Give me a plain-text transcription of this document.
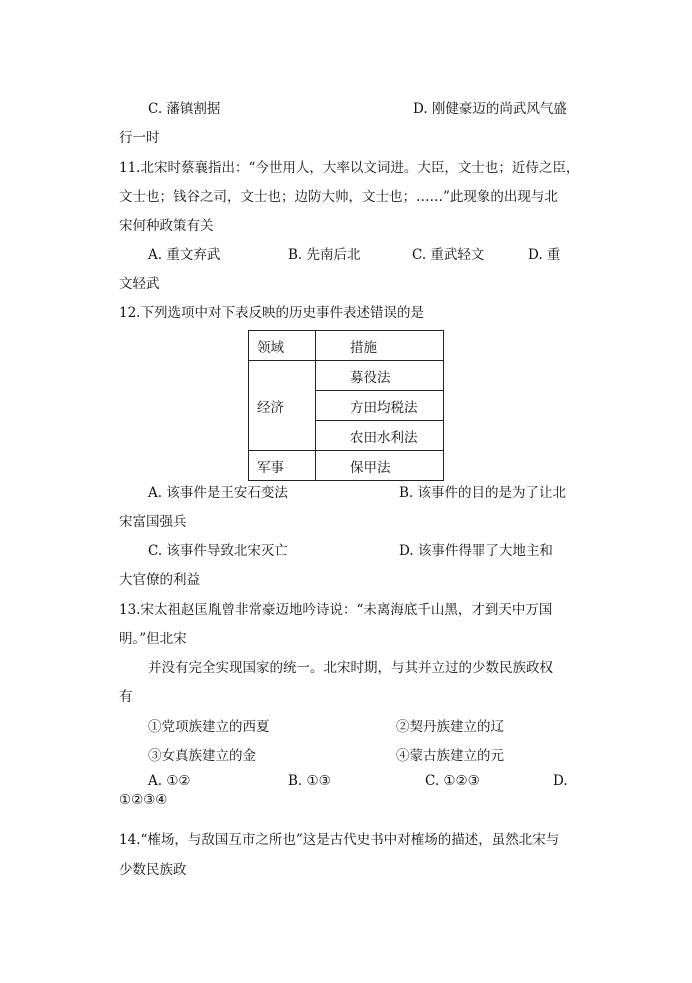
C. 藩镇割据	D. 刚健豪迈的尚武风气盛
行一时
11.北宋时蔡襄指出：“今世用人，大率以文词进。大臣，文士也；近侍之臣，
文士也；钱谷之司，文士也；边防大帅，文士也；……”此现象的出现与北
宋何种政策有关
A. 重文弃武	B. 先南后北	C. 重武轻文	D. 重
文轻武
12.下列选项中对下表反映的历史事件表述错误的是
领域	措施
经济	募役法
	方田均税法
	农田水利法
军事	保甲法
A. 该事件是王安石变法	B. 该事件的目的是为了让北
宋富国强兵
C. 该事件导致北宋灭亡	D. 该事件得罪了大地主和
大官僚的利益
13.宋太祖赵匡胤曾非常豪迈地吟诗说：“未离海底千山黑，才到天中万国
明。”但北宋
并没有完全实现国家的统一。北宋时期，与其并立过的少数民族政权
有
①党项族建立的西夏	②契丹族建立的辽
③女真族建立的金	④蒙古族建立的元
A. ①②	B. ①③	C. ①②③	D.
①②③④
14.“榷场，与敌国互市之所也”这是古代史书中对榷场的描述，虽然北宋与
少数民族政
